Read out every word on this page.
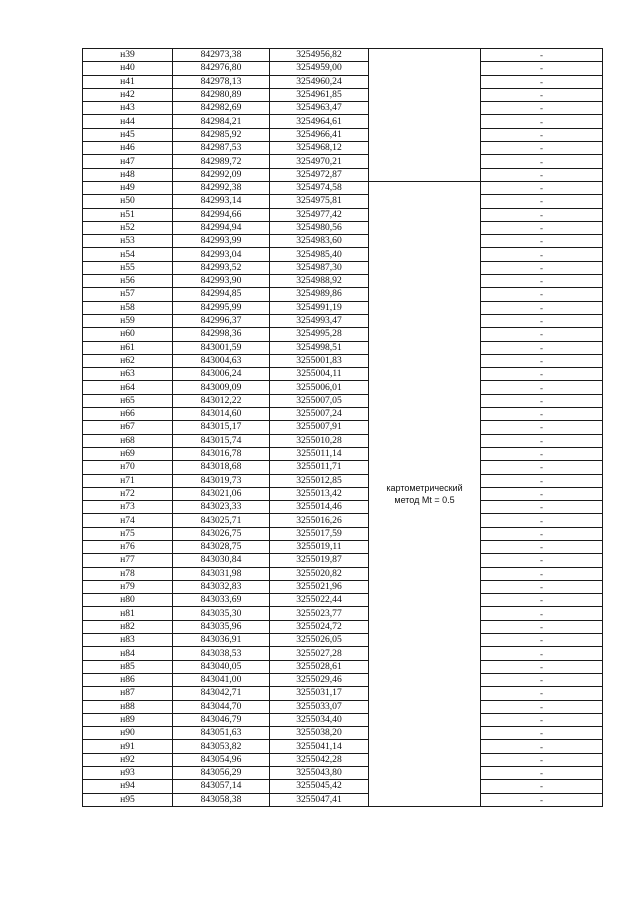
н39	842973,38	3254956,82		-
н40	842976,80	3254959,00		-
н41	842978,13	3254960,24		-
н42	842980,89	3254961,85		-
н43	842982,69	3254963,47		-
н44	842984,21	3254964,61		-
н45	842985,92	3254966,41		-
н46	842987,53	3254968,12		-
н47	842989,72	3254970,21		-
н48	842992,09	3254972,87		-
н49	842992,38	3254974,58	картометрический метод Mt = 0.5	-
н50	842993,14	3254975,81		-
н51	842994,66	3254977,42		-
н52	842994,94	3254980,56		-
н53	842993,99	3254983,60		-
н54	842993,04	3254985,40		-
н55	842993,52	3254987,30		-
н56	842993,90	3254988,92		-
н57	842994,85	3254989,86		-
н58	842995,99	3254991,19		-
н59	842996,37	3254993,47		-
н60	842998,36	3254995,28		-
н61	843001,59	3254998,51		-
н62	843004,63	3255001,83		-
н63	843006,24	3255004,11		-
н64	843009,09	3255006,01		-
н65	843012,22	3255007,05		-
н66	843014,60	3255007,24		-
н67	843015,17	3255007,91		-
н68	843015,74	3255010,28		-
н69	843016,78	3255011,14		-
н70	843018,68	3255011,71		-
н71	843019,73	3255012,85		-
н72	843021,06	3255013,42		-
н73	843023,33	3255014,46		-
н74	843025,71	3255016,26		-
н75	843026,75	3255017,59		-
н76	843028,75	3255019,11		-
н77	843030,84	3255019,87		-
н78	843031,98	3255020,82		-
н79	843032,83	3255021,96		-
н80	843033,69	3255022,44		-
н81	843035,30	3255023,77		-
н82	843035,96	3255024,72		-
н83	843036,91	3255026,05		-
н84	843038,53	3255027,28		-
н85	843040,05	3255028,61		-
н86	843041,00	3255029,46		-
н87	843042,71	3255031,17		-
н88	843044,70	3255033,07		-
н89	843046,79	3255034,40		-
н90	843051,63	3255038,20		-
н91	843053,82	3255041,14		-
н92	843054,96	3255042,28		-
н93	843056,29	3255043,80		-
н94	843057,14	3255045,42		-
н95	843058,38	3255047,41		-
